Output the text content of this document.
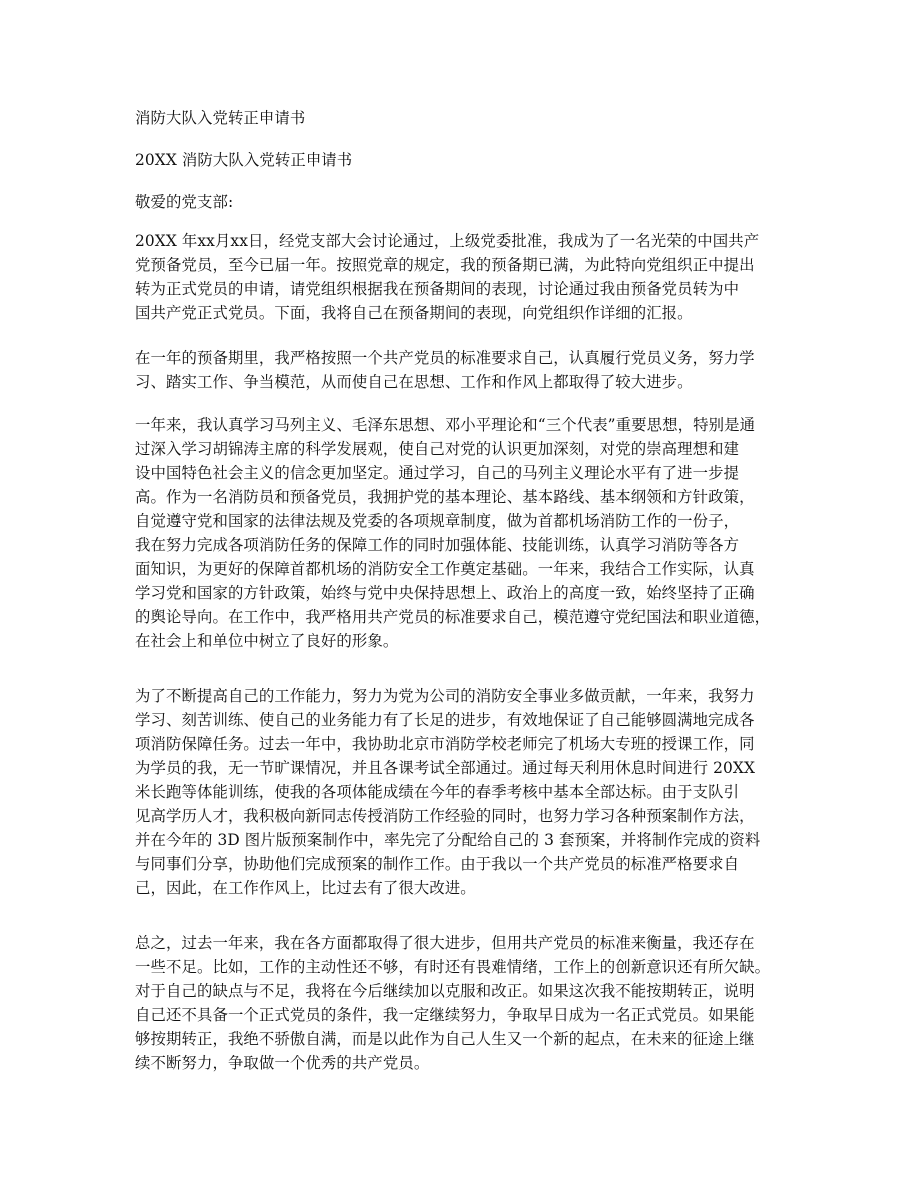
消防大队入党转正申请书
20XX 消防大队入党转正申请书
敬爱的党支部:
20XX 年xx月xx日，经党支部大会讨论通过，上级党委批准，我成为了一名光荣的中国共产
党预备党员，至今已届一年。按照党章的规定，我的预备期已满，为此特向党组织正中提出
转为正式党员的申请，请党组织根据我在预备期间的表现，讨论通过我由预备党员转为中
国共产党正式党员。下面，我将自己在预备期间的表现，向党组织作详细的汇报。
在一年的预备期里，我严格按照一个共产党员的标准要求自己，认真履行党员义务，努力学
习、踏实工作、争当模范，从而使自己在思想、工作和作风上都取得了较大进步。
一年来，我认真学习马列主义、毛泽东思想、邓小平理论和“三个代表”重要思想，特别是通
过深入学习胡锦涛主席的科学发展观，使自己对党的认识更加深刻，对党的崇高理想和建
设中国特色社会主义的信念更加坚定。通过学习，自己的马列主义理论水平有了进一步提
高。作为一名消防员和预备党员，我拥护党的基本理论、基本路线、基本纲领和方针政策，
自觉遵守党和国家的法律法规及党委的各项规章制度，做为首都机场消防工作的一份子，
我在努力完成各项消防任务的保障工作的同时加强体能、技能训练，认真学习消防等各方
面知识，为更好的保障首都机场的消防安全工作奠定基础。一年来，我结合工作实际，认真
学习党和国家的方针政策，始终与党中央保持思想上、政治上的高度一致，始终坚持了正确
的舆论导向。在工作中，我严格用共产党员的标准要求自己，模范遵守党纪国法和职业道德，
在社会上和单位中树立了良好的形象。
为了不断提高自己的工作能力，努力为党为公司的消防安全事业多做贡献，一年来，我努力
学习、刻苦训练、使自己的业务能力有了长足的进步，有效地保证了自己能够圆满地完成各
项消防保障任务。过去一年中，我协助北京市消防学校老师完了机场大专班的授课工作，同
为学员的我，无一节旷课情况，并且各课考试全部通过。通过每天利用休息时间进行 20XX
米长跑等体能训练，使我的各项体能成绩在今年的春季考核中基本全部达标。由于支队引
见高学历人才，我积极向新同志传授消防工作经验的同时，也努力学习各种预案制作方法，
并在今年的 3D 图片版预案制作中，率先完了分配给自己的 3 套预案，并将制作完成的资料
与同事们分享，协助他们完成预案的制作工作。由于我以一个共产党员的标准严格要求自
己，因此，在工作作风上，比过去有了很大改进。
总之，过去一年来，我在各方面都取得了很大进步，但用共产党员的标准来衡量，我还存在
一些不足。比如，工作的主动性还不够，有时还有畏难情绪，工作上的创新意识还有所欠缺。
对于自己的缺点与不足，我将在今后继续加以克服和改正。如果这次我不能按期转正，说明
自己还不具备一个正式党员的条件，我一定继续努力，争取早日成为一名正式党员。如果能
够按期转正，我绝不骄傲自满，而是以此作为自己人生又一个新的起点，在未来的征途上继
续不断努力，争取做一个优秀的共产党员。
